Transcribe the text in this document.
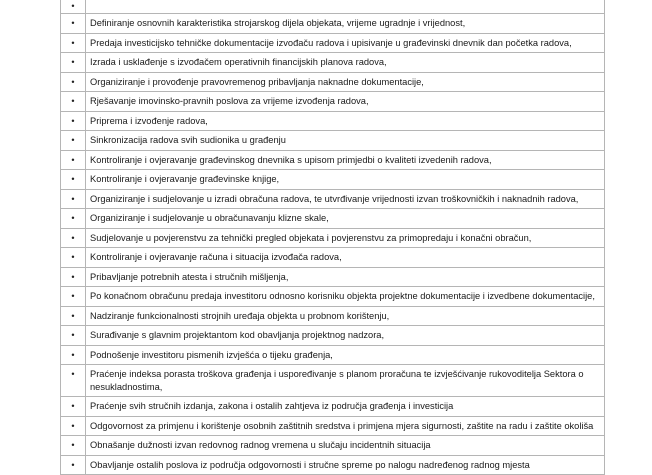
•	
•	Definiranje osnovnih karakteristika strojarskog dijela objekata, vrijeme ugradnje i vrijednost,
•	Predaja investicijsko tehničke dokumentacije izvođaču radova i upisivanje u građevinski dnevnik dan početka radova,
•	Izrada i usklađenje s izvođačem operativnih financijskih planova radova,
•	Organiziranje i provođenje pravovremenog pribavljanja naknadne dokumentacije,
•	Rješavanje imovinsko-pravnih poslova za vrijeme izvođenja radova,
•	Priprema i izvođenje radova,
•	Sinkronizacija radova svih sudionika u građenju
•	Kontroliranje i ovjeravanje građevinskog dnevnika s upisom primjedbi o kvaliteti izvedenih radova,
•	Kontroliranje i ovjeravanje građevinske knjige,
•	Organiziranje i sudjelovanje u izradi obračuna radova, te utvrđivanje vrijednosti izvan troškovničkih i naknadnih radova,
•	Organiziranje i sudjelovanje u obračunavanju klizne skale,
•	Sudjelovanje u povjerenstvu za tehnički pregled objekata i povjerenstvu za primopredaju i konačni obračun,
•	Kontroliranje i ovjeravanje računa i situacija izvođača radova,
•	Pribavljanje potrebnih atesta i stručnih mišljenja,
•	Po konačnom obračunu predaja investitoru odnosno korisniku objekta projektne dokumentacije i izvedbene dokumentacije,
•	Nadziranje funkcionalnosti strojnih uređaja objekta u probnom korištenju,
•	Surađivanje s glavnim projektantom kod obavljanja projektnog nadzora,
•	Podnošenje investitoru pismenih izvješća o tijeku građenja,
•	Praćenje indeksa porasta troškova građenja i uspoređivanje s planom proračuna te izvješćivanje rukovoditelja Sektora o nesukladnostima,
•	Praćenje svih stručnih izdanja, zakona i ostalih zahtjeva iz područja građenja i investicija
•	Odgovornost za primjenu i korištenje osobnih zaštitnih sredstva i primjena mjera sigurnosti, zaštite na radu i zaštite okoliša
•	Obnašanje dužnosti izvan redovnog radnog vremena u slučaju incidentnih situacija
•	Obavljanje ostalih poslova iz područja odgovornosti i stručne spreme po nalogu nadređenog radnog mjesta
